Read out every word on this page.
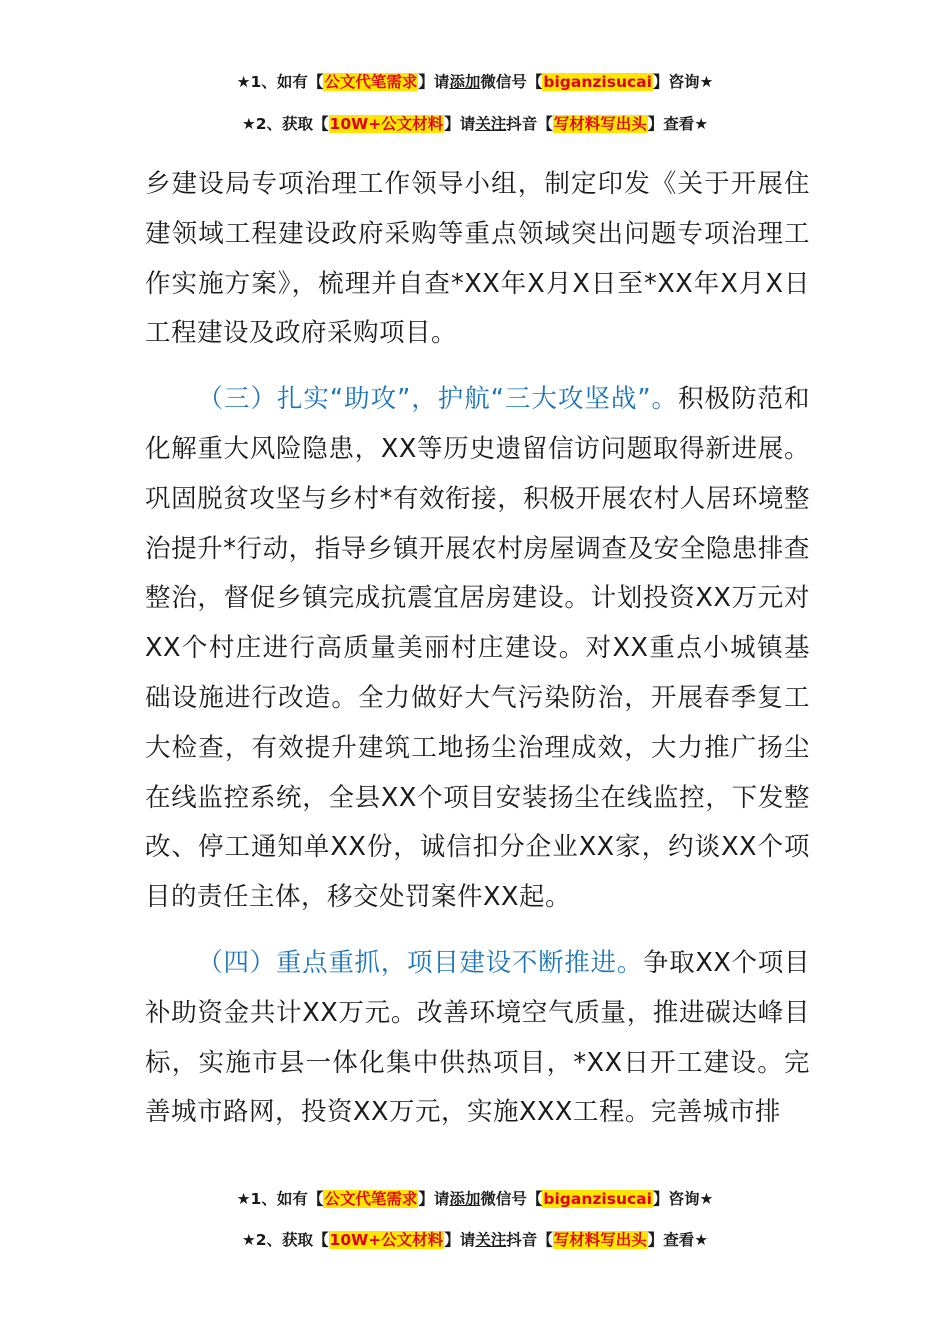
★1、如有【公文代笔需求】请添加微信号【biganzisucai】咨询★
★2、获取【10W+公文材料】请关注抖音【写材料写出头】查看★

乡建设局专项治理工作领导小组，制定印发《关于开展住建领域工程建设政府采购等重点领域突出问题专项治理工作实施方案》，梳理并自查*XX年X月X日至*XX年X月X日工程建设及政府采购项目。

（三）扎实“助攻”，护航“三大攻坚战”。积极防范和化解重大风险隐患，XX等历史遗留信访问题取得新进展。巩固脱贫攻坚与乡村*有效衔接，积极开展农村人居环境整治提升*行动，指导乡镇开展农村房屋调查及安全隐患排查整治，督促乡镇完成抗震宜居房建设。计划投资XX万元对XX个村庄进行高质量美丽村庄建设。对XX重点小城镇基础设施进行改造。全力做好大气污染防治，开展春季复工大检查，有效提升建筑工地扬尘治理成效，大力推广扬尘在线监控系统，全县XX个项目安装扬尘在线监控，下发整改、停工通知单XX份，诚信扣分企业XX家，约谈XX个项目的责任主体，移交处罚案件XX起。

（四）重点重抓，项目建设不断推进。争取XX个项目补助资金共计XX万元。改善环境空气质量，推进碳达峰目标，实施市县一体化集中供热项目，*XX日开工建设。完善城市路网，投资XX万元，实施XXX工程。完善城市排

★1、如有【公文代笔需求】请添加微信号【biganzisucai】咨询★
★2、获取【10W+公文材料】请关注抖音【写材料写出头】查看★
